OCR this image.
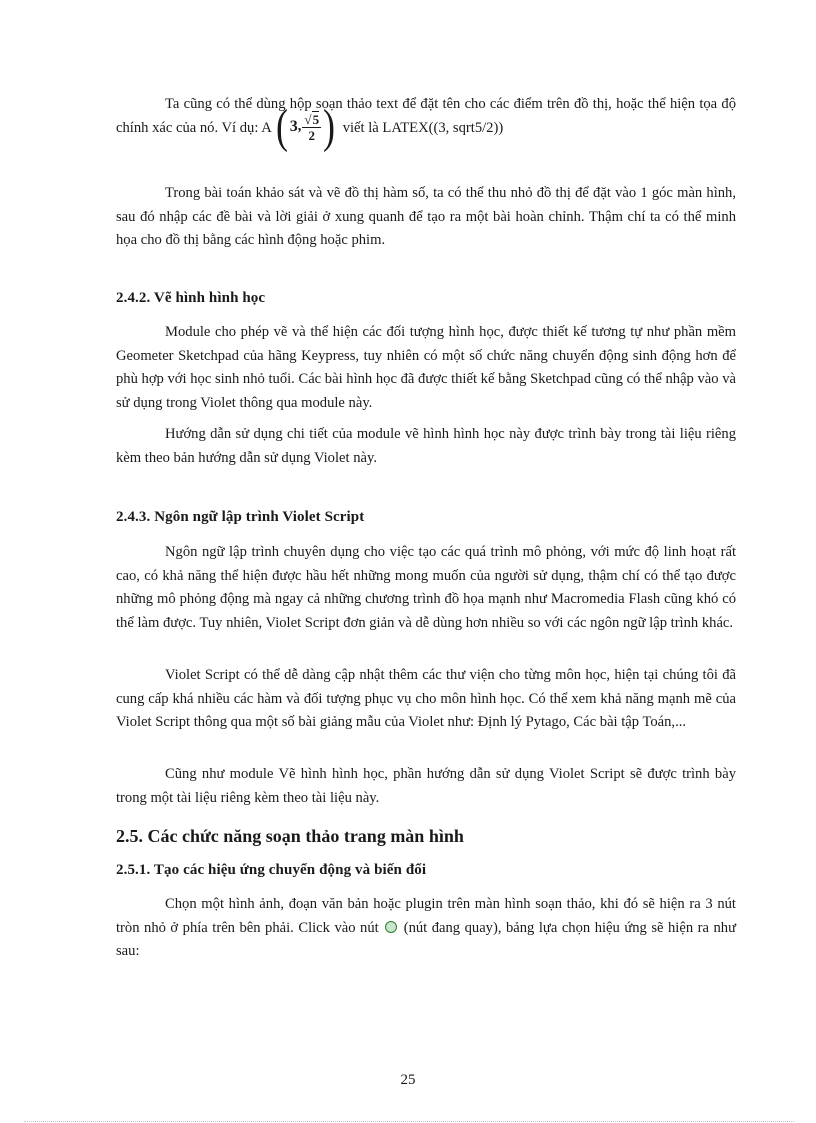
Ta cũng có thể dùng hộp soạn thảo text để đặt tên cho các điểm trên đồ thị, hoặc thể hiện tọa độ chính xác của nó. Ví dụ: A ( 3 , $\frac{√5}{2}$ ) viết là LATEX((3, sqrt5/2))

Trong bài toán khảo sát và vẽ đồ thị hàm số, ta có thể thu nhỏ đồ thị để đặt vào 1 góc màn hình, sau đó nhập các đề bài và lời giải ở xung quanh để tạo ra một bài hoàn chỉnh. Thậm chí ta có thể minh họa cho đồ thị bằng các hình động hoặc phim.

2.4.2. Vẽ hình hình học

Module cho phép vẽ và thể hiện các đối tượng hình học, được thiết kế tương tự như phần mềm Geometer Sketchpad của hãng Keypress, tuy nhiên có một số chức năng chuyển động sinh động hơn để phù hợp với học sinh nhỏ tuổi. Các bài hình học đã được thiết kế bằng Sketchpad cũng có thể nhập vào và sử dụng trong Violet thông qua module này.

Hướng dẫn sử dụng chi tiết của module vẽ hình hình học này được trình bày trong tài liệu riêng kèm theo bản hướng dẫn sử dụng Violet này.

2.4.3. Ngôn ngữ lập trình Violet Script

Ngôn ngữ lập trình chuyên dụng cho việc tạo các quá trình mô phỏng, với mức độ linh hoạt rất cao, có khả năng thể hiện được hầu hết những mong muốn của người sử dụng, thậm chí có thể tạo được những mô phỏng động mà ngay cả những chương trình đồ họa mạnh như Macromedia Flash cũng khó có thể làm được. Tuy nhiên, Violet Script đơn giản và dễ dùng hơn nhiều so với các ngôn ngữ lập trình khác.

Violet Script có thể dễ dàng cập nhật thêm các thư viện cho từng môn học, hiện tại chúng tôi đã cung cấp khá nhiều các hàm và đối tượng phục vụ cho môn hình học. Có thể xem khả năng mạnh mẽ của Violet Script thông qua một số bài giảng mẫu của Violet như: Định lý Pytago, Các bài tập Toán,...

Cũng như module Vẽ hình hình học, phần hướng dẫn sử dụng Violet Script sẽ được trình bày trong một tài liệu riêng kèm theo tài liệu này.

2.5. Các chức năng soạn thảo trang màn hình
2.5.1. Tạo các hiệu ứng chuyển động và biến đổi

Chọn một hình ảnh, đoạn văn bản hoặc plugin trên màn hình soạn thảo, khi đó sẽ hiện ra 3 nút tròn nhỏ ở phía trên bên phải. Click vào nút  (nút đang quay), bảng lựa chọn hiệu ứng sẽ hiện ra như sau:

25
